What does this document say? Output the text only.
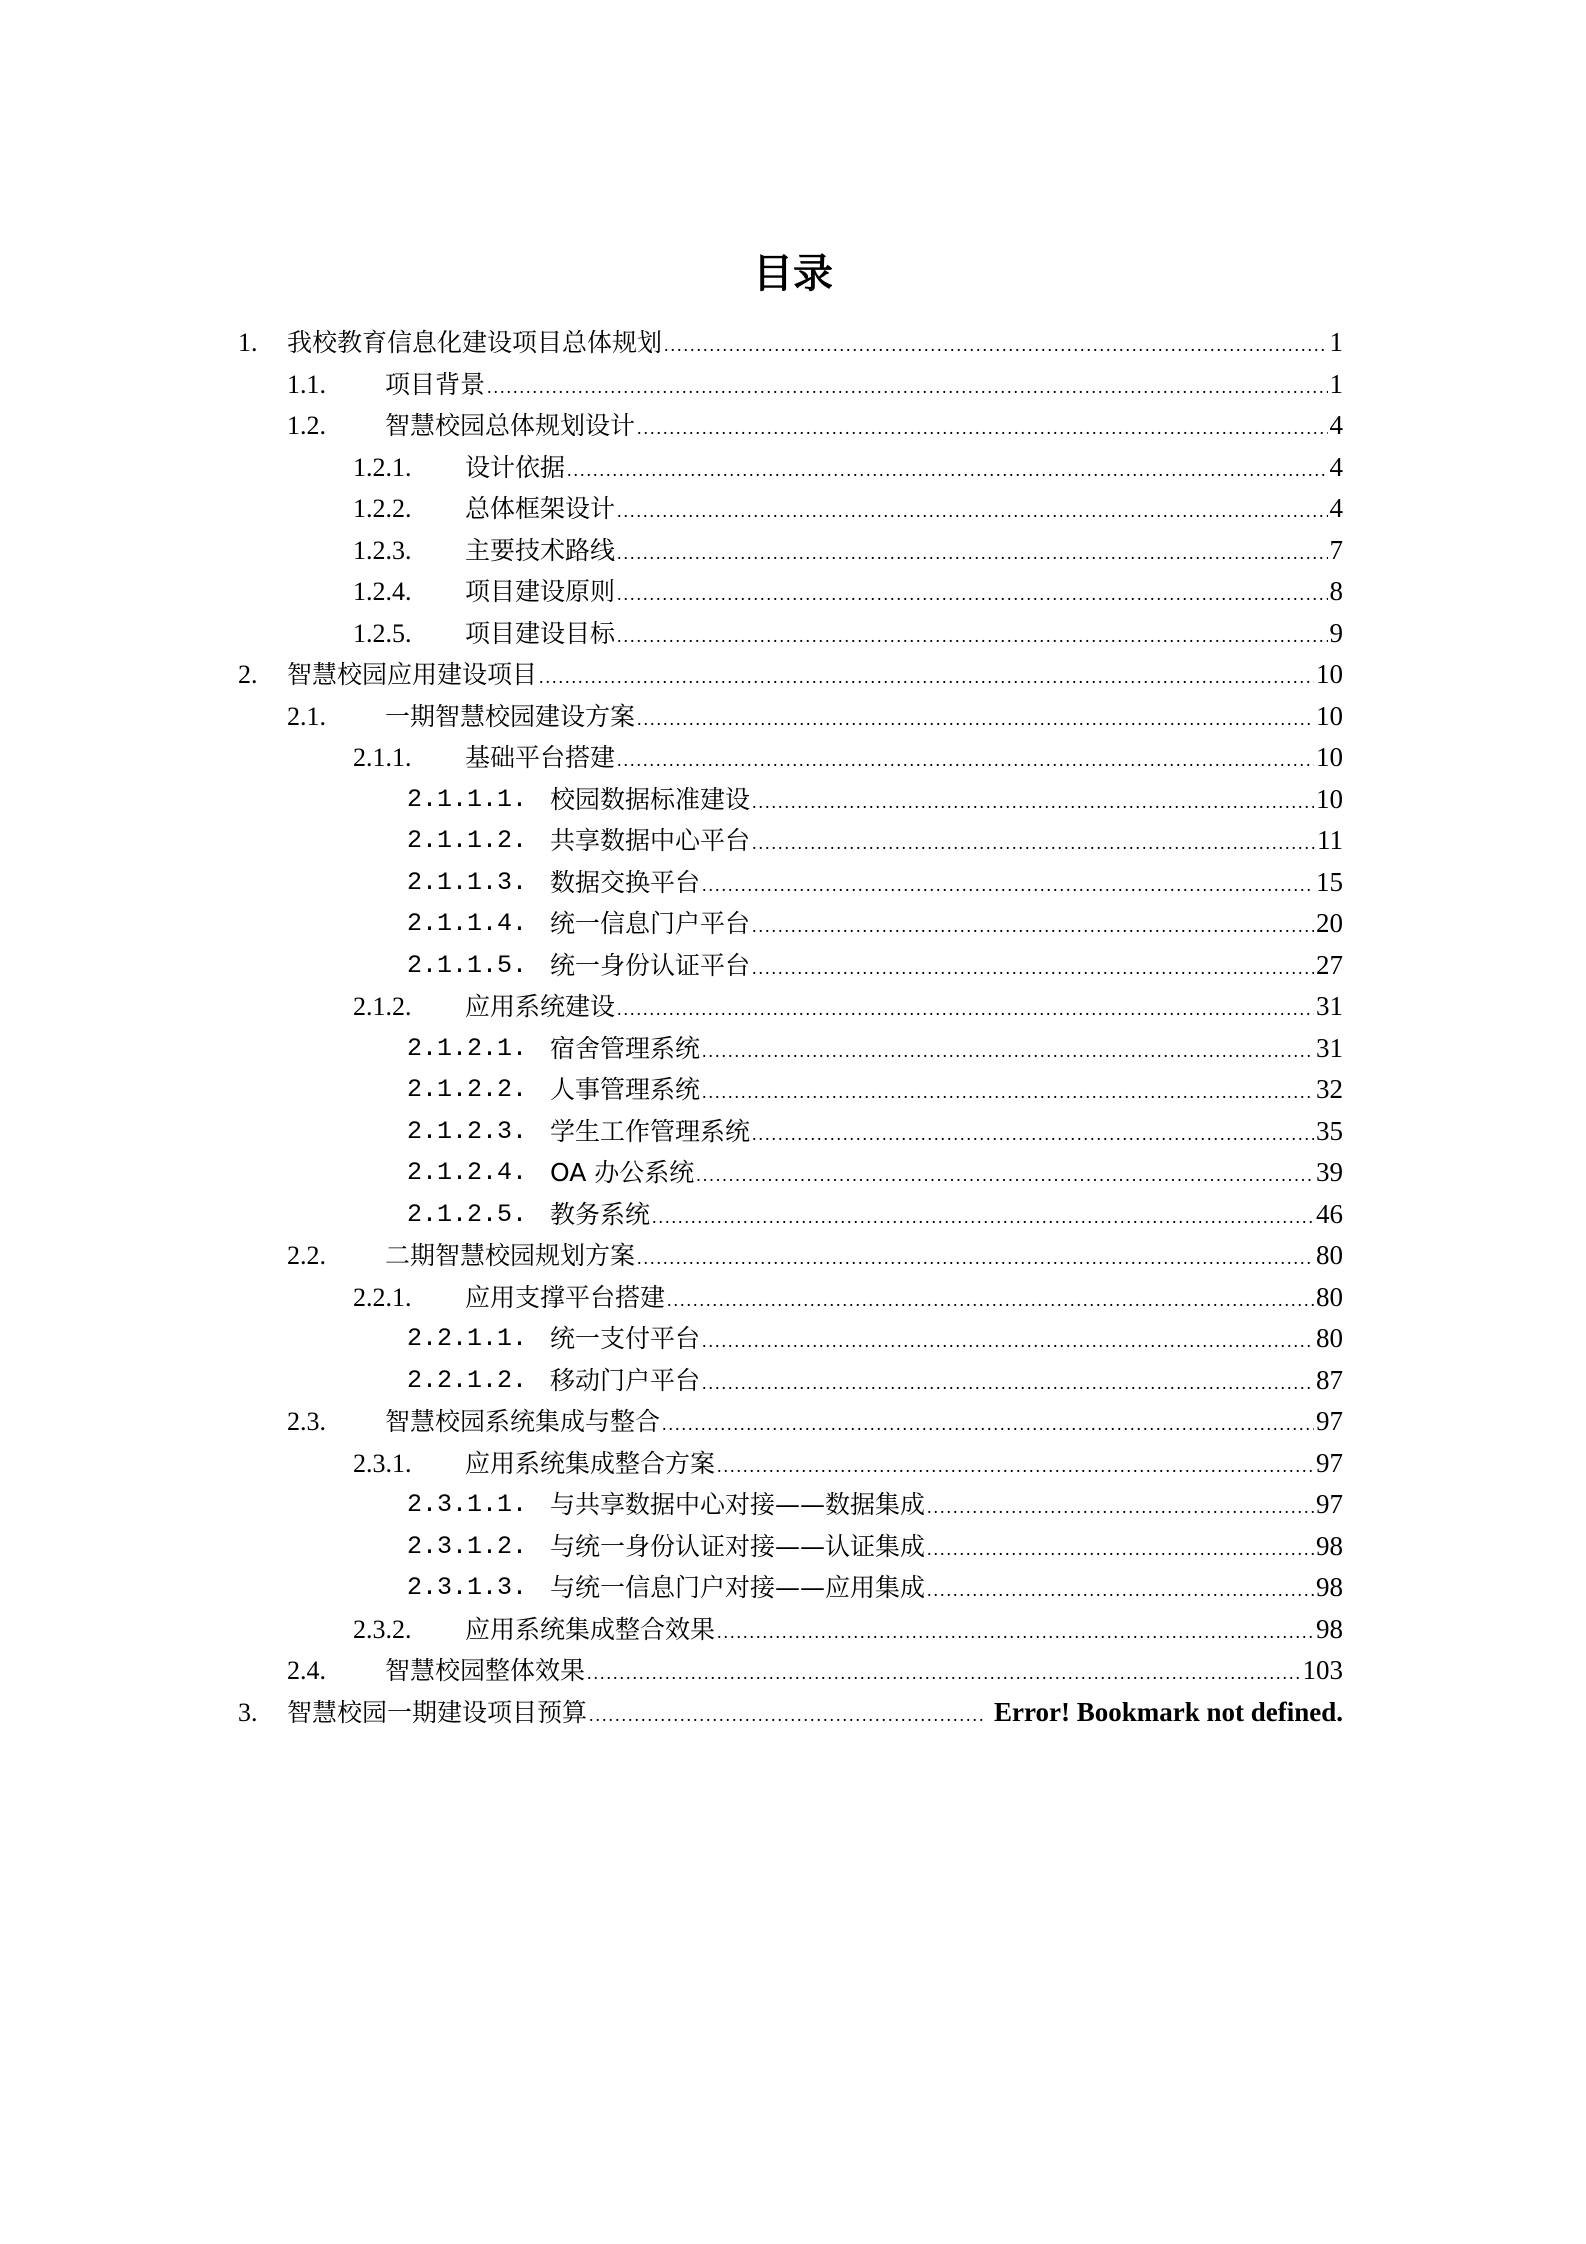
目录
1. 我校教育信息化建设项目总体规划 .....	1
1.1. 项目背景 .....	1
1.2. 智慧校园总体规划设计 .....	4
1.2.1. 设计依据 .....	4
1.2.2. 总体框架设计 .....	4
1.2.3. 主要技术路线 .....	7
1.2.4. 项目建设原则 .....	8
1.2.5. 项目建设目标 .....	9
2. 智慧校园应用建设项目 .....	10
2.1. 一期智慧校园建设方案 .....	10
2.1.1. 基础平台搭建 .....	10
2.1.1.1. 校园数据标准建设 .....	10
2.1.1.2. 共享数据中心平台 .....	11
2.1.1.3. 数据交换平台 .....	15
2.1.1.4. 统一信息门户平台 .....	20
2.1.1.5. 统一身份认证平台 .....	27
2.1.2. 应用系统建设 .....	31
2.1.2.1. 宿舍管理系统 .....	31
2.1.2.2. 人事管理系统 .....	32
2.1.2.3. 学生工作管理系统 .....	35
2.1.2.4. OA 办公系统 .....	39
2.1.2.5. 教务系统 .....	46
2.2. 二期智慧校园规划方案 .....	80
2.2.1. 应用支撑平台搭建 .....	80
2.2.1.1. 统一支付平台 .....	80
2.2.1.2. 移动门户平台 .....	87
2.3. 智慧校园系统集成与整合 .....	97
2.3.1. 应用系统集成整合方案 .....	97
2.3.1.1. 与共享数据中心对接——数据集成 .....	97
2.3.1.2. 与统一身份认证对接——认证集成 .....	98
2.3.1.3. 与统一信息门户对接——应用集成 .....	98
2.3.2. 应用系统集成整合效果 .....	98
2.4. 智慧校园整体效果 .....	103
3. 智慧校园一期建设项目预算 .....	Error! Bookmark not defined.
